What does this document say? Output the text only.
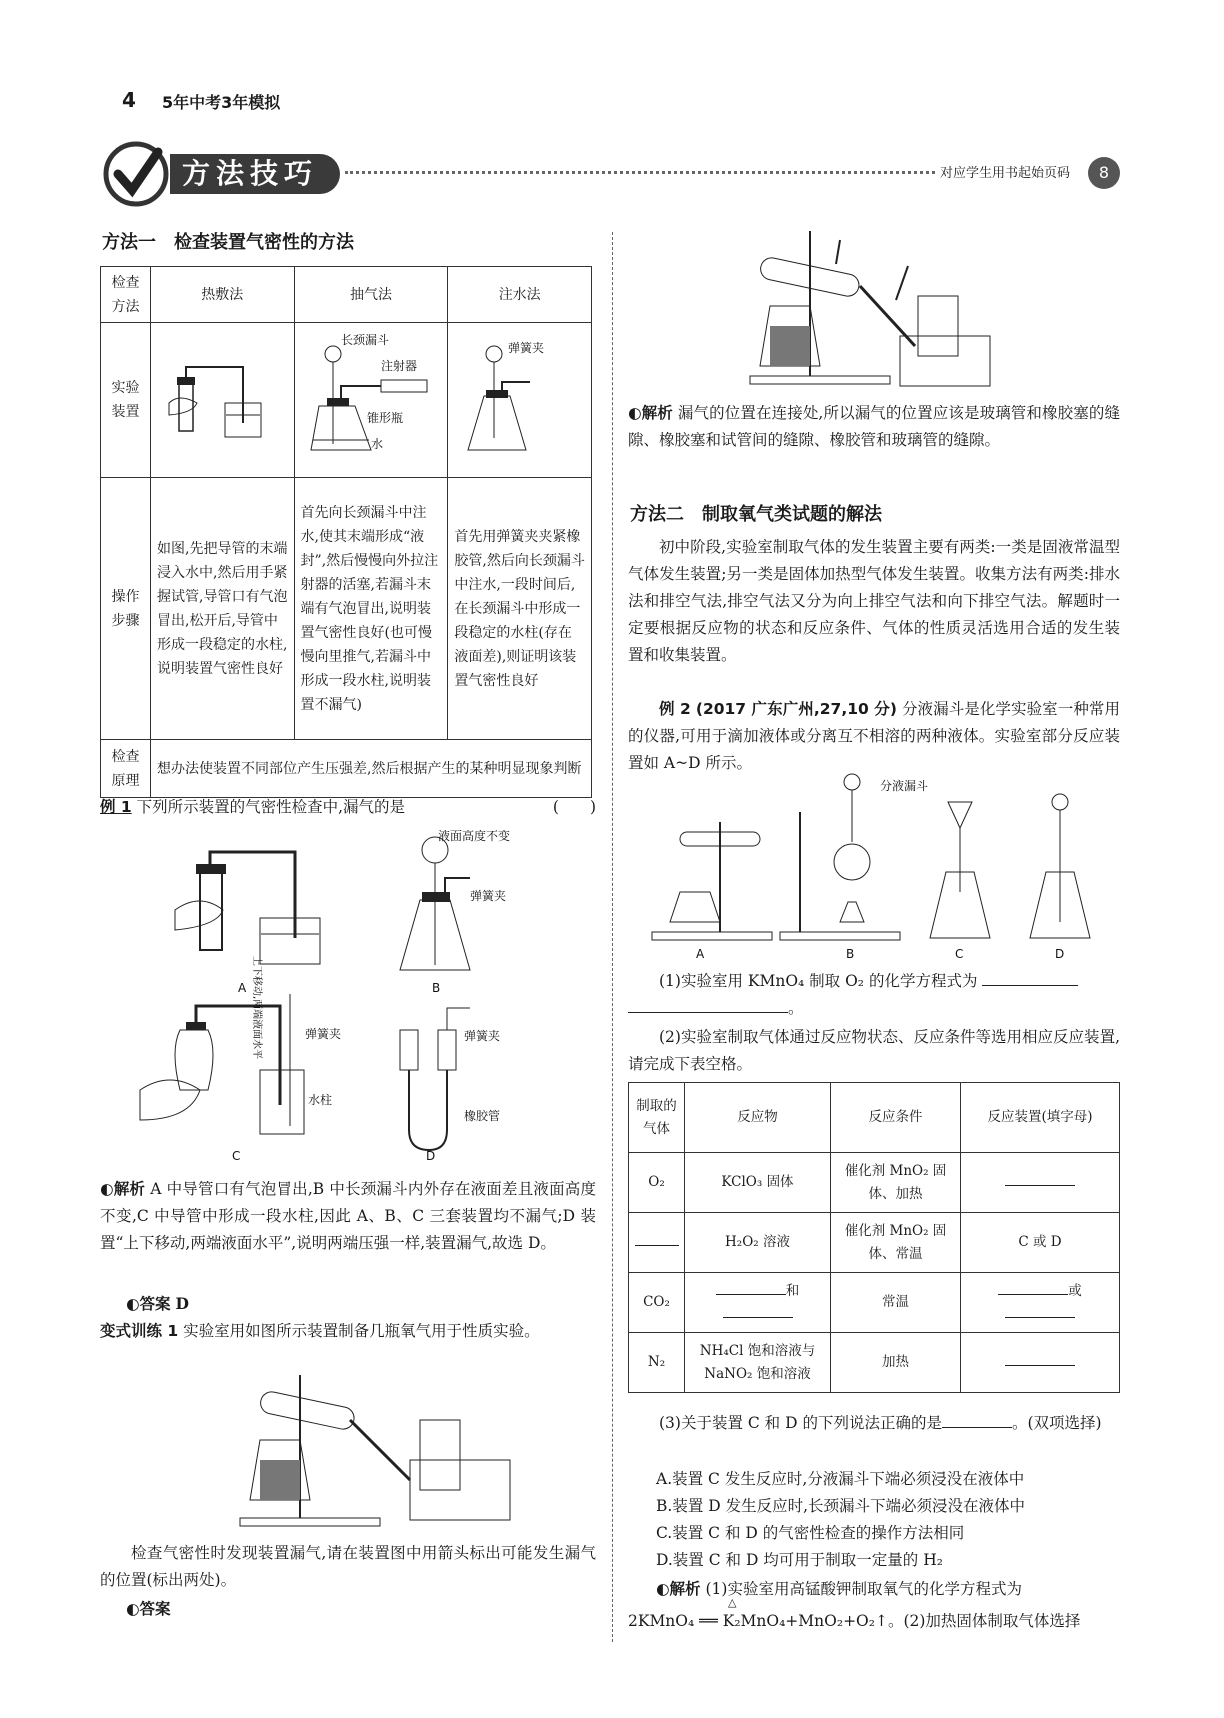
4 5年中考3年模拟
方法技巧	对应学生用书起始页码	8
方法一　检查装置气密性的方法
检查方法	热敷法	抽气法	注水法
实验装置		长颈漏斗
注射器
锥形瓶
水	弹簧夹

操作步骤	如图,先把导管的末端浸入水中,然后用手紧握试管,导管口有气泡冒出,松开后,导管中形成一段稳定的水柱,说明装置气密性良好	首先向长颈漏斗中注水,使其末端形成“液封”,然后慢慢向外拉注射器的活塞,若漏斗末端有气泡冒出,说明装置气密性良好(也可慢慢向里推气,若漏斗中形成一段水柱,说明装置不漏气)	首先用弹簧夹夹紧橡胶管,然后向长颈漏斗中注水,一段时间后,在长颈漏斗中形成一段稳定的水柱(存在液面差),则证明该装置气密性良好
检查原理	想办法使装置不同部位产生压强差,然后根据产生的某种明显现象判断		
例 1 下列所示装置的气密性检查中,漏气的是	(　　)
A
液面高度不变
弹簧夹
B
弹簧夹
水柱
C
弹簧夹
橡胶管
上下移动,两端液面水平
D
◐解析 A 中导管口有气泡冒出,B 中长颈漏斗内外存在液面差且液面高度不变,C 中导管中形成一段水柱,因此 A、B、C 三套装置均不漏气;D 装置“上下移动,两端液面水平”,说明两端压强一样,装置漏气,故选 D。
◐答案 D
变式训练 1 实验室用如图所示装置制备几瓶氧气用于性质实验。
检查气密性时发现装置漏气,请在装置图中用箭头标出可能发生漏气的位置(标出两处)。
◐答案
◐解析 漏气的位置在连接处,所以漏气的位置应该是玻璃管和橡胶塞的缝隙、橡胶塞和试管间的缝隙、橡胶管和玻璃管的缝隙。
方法二　制取氧气类试题的解法
初中阶段,实验室制取气体的发生装置主要有两类:一类是固液常温型气体发生装置;另一类是固体加热型气体发生装置。收集方法有两类:排水法和排空气法,排空气法又分为向上排空气法和向下排空气法。解题时一定要根据反应物的状态和反应条件、气体的性质灵活选用合适的发生装置和收集装置。
例 2 (2017 广东广州,27,10 分) 分液漏斗是化学实验室一种常用的仪器,可用于滴加液体或分离互不相溶的两种液体。实验室部分反应装置如 A~D 所示。
A	B
分液漏斗
C	D
(1)实验室用 KMnO₄ 制取 O₂ 的化学方程式为
。
(2)实验室制取气体通过反应物状态、反应条件等选用相应反应装置,请完成下表空格。
制取的气体	反应物	反应条件	反应装置(填字母)
O₂	KClO₃ 固体	催化剂 MnO₂ 固体、加热	
	H₂O₂ 溶液	催化剂 MnO₂ 固体、常温	C 或 D
CO₂	和	常温	或

N₂	NH₄Cl 饱和溶液与 NaNO₂ 饱和溶液	加热	
(3)关于装置 C 和 D 的下列说法正确的是	。(双项选择)
A.装置 C 发生反应时,分液漏斗下端必须浸没在液体中
B.装置 D 发生反应时,长颈漏斗下端必须浸没在液体中
C.装置 C 和 D 的气密性检查的操作方法相同
D.装置 C 和 D 均可用于制取一定量的 H₂
◐解析 (1)实验室用高锰酸钾制取氧气的化学方程式为
△
2KMnO₄ ══ K₂MnO₄+MnO₂+O₂↑。(2)加热固体制取气体选择
